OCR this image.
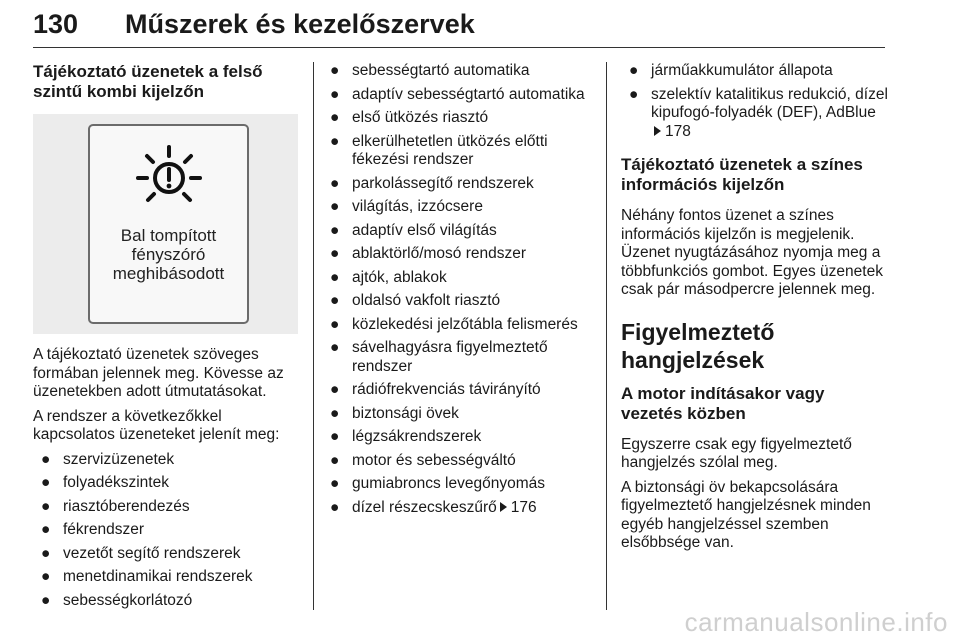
130 Műszerek és kezelőszervek
Tájékoztató üzenetek a felső szintű kombi kijelzőn
Bal tompított
fényszóró
meghibásodott

A tájékoztató üzenetek szöveges formában jelennek meg. Kövesse az üzenetekben adott útmutatásokat.

A rendszer a következőkkel kapcsolatos üzeneteket jelenít meg:

● szervizüzenetek
● folyadékszintek
● riasztóberendezés
● fékrendszer
● vezetőt segítő rendszerek
● menetdinamikai rendszerek
● sebességkorlátozó
● sebességtartó automatika
● adaptív sebességtartó automatika
● első ütközés riasztó
● elkerülhetetlen ütközés előtti fékezési rendszer
● parkolássegítő rendszerek
● világítás, izzócsere
● adaptív első világítás
● ablaktörlő/mosó rendszer
● ajtók, ablakok
● oldalsó vakfolt riasztó
● közlekedési jelzőtábla felismerés
● sávelhagyásra figyelmeztető rendszer
● rádiófrekvenciás távirányító
● biztonsági övek
● légzsákrendszerek
● motor és sebességváltó
● gumiabroncs levegőnyomás
● dízel részecskeszűrő 176
● járműakkumulátor állapota
● szelektív katalitikus redukció, dízel kipufogó-folyadék (DEF), AdBlue178
Tájékoztató üzenetek a színes információs kijelzőn

Néhány fontos üzenet a színes információs kijelzőn is megjelenik. Üzenet nyugtázásához nyomja meg a többfunkciós gombot. Egyes üzenetek csak pár másodpercre jelennek meg.

Figyelmeztető hangjelzések
A motor indításakor vagy vezetés közben

Egyszerre csak egy figyelmeztető hangjelzés szólal meg.

A biztonsági öv bekapcsolására figyelmeztető hangjelzésnek minden egyéb hangjelzéssel szemben elsőbbsége van.

carmanualsonline.info
